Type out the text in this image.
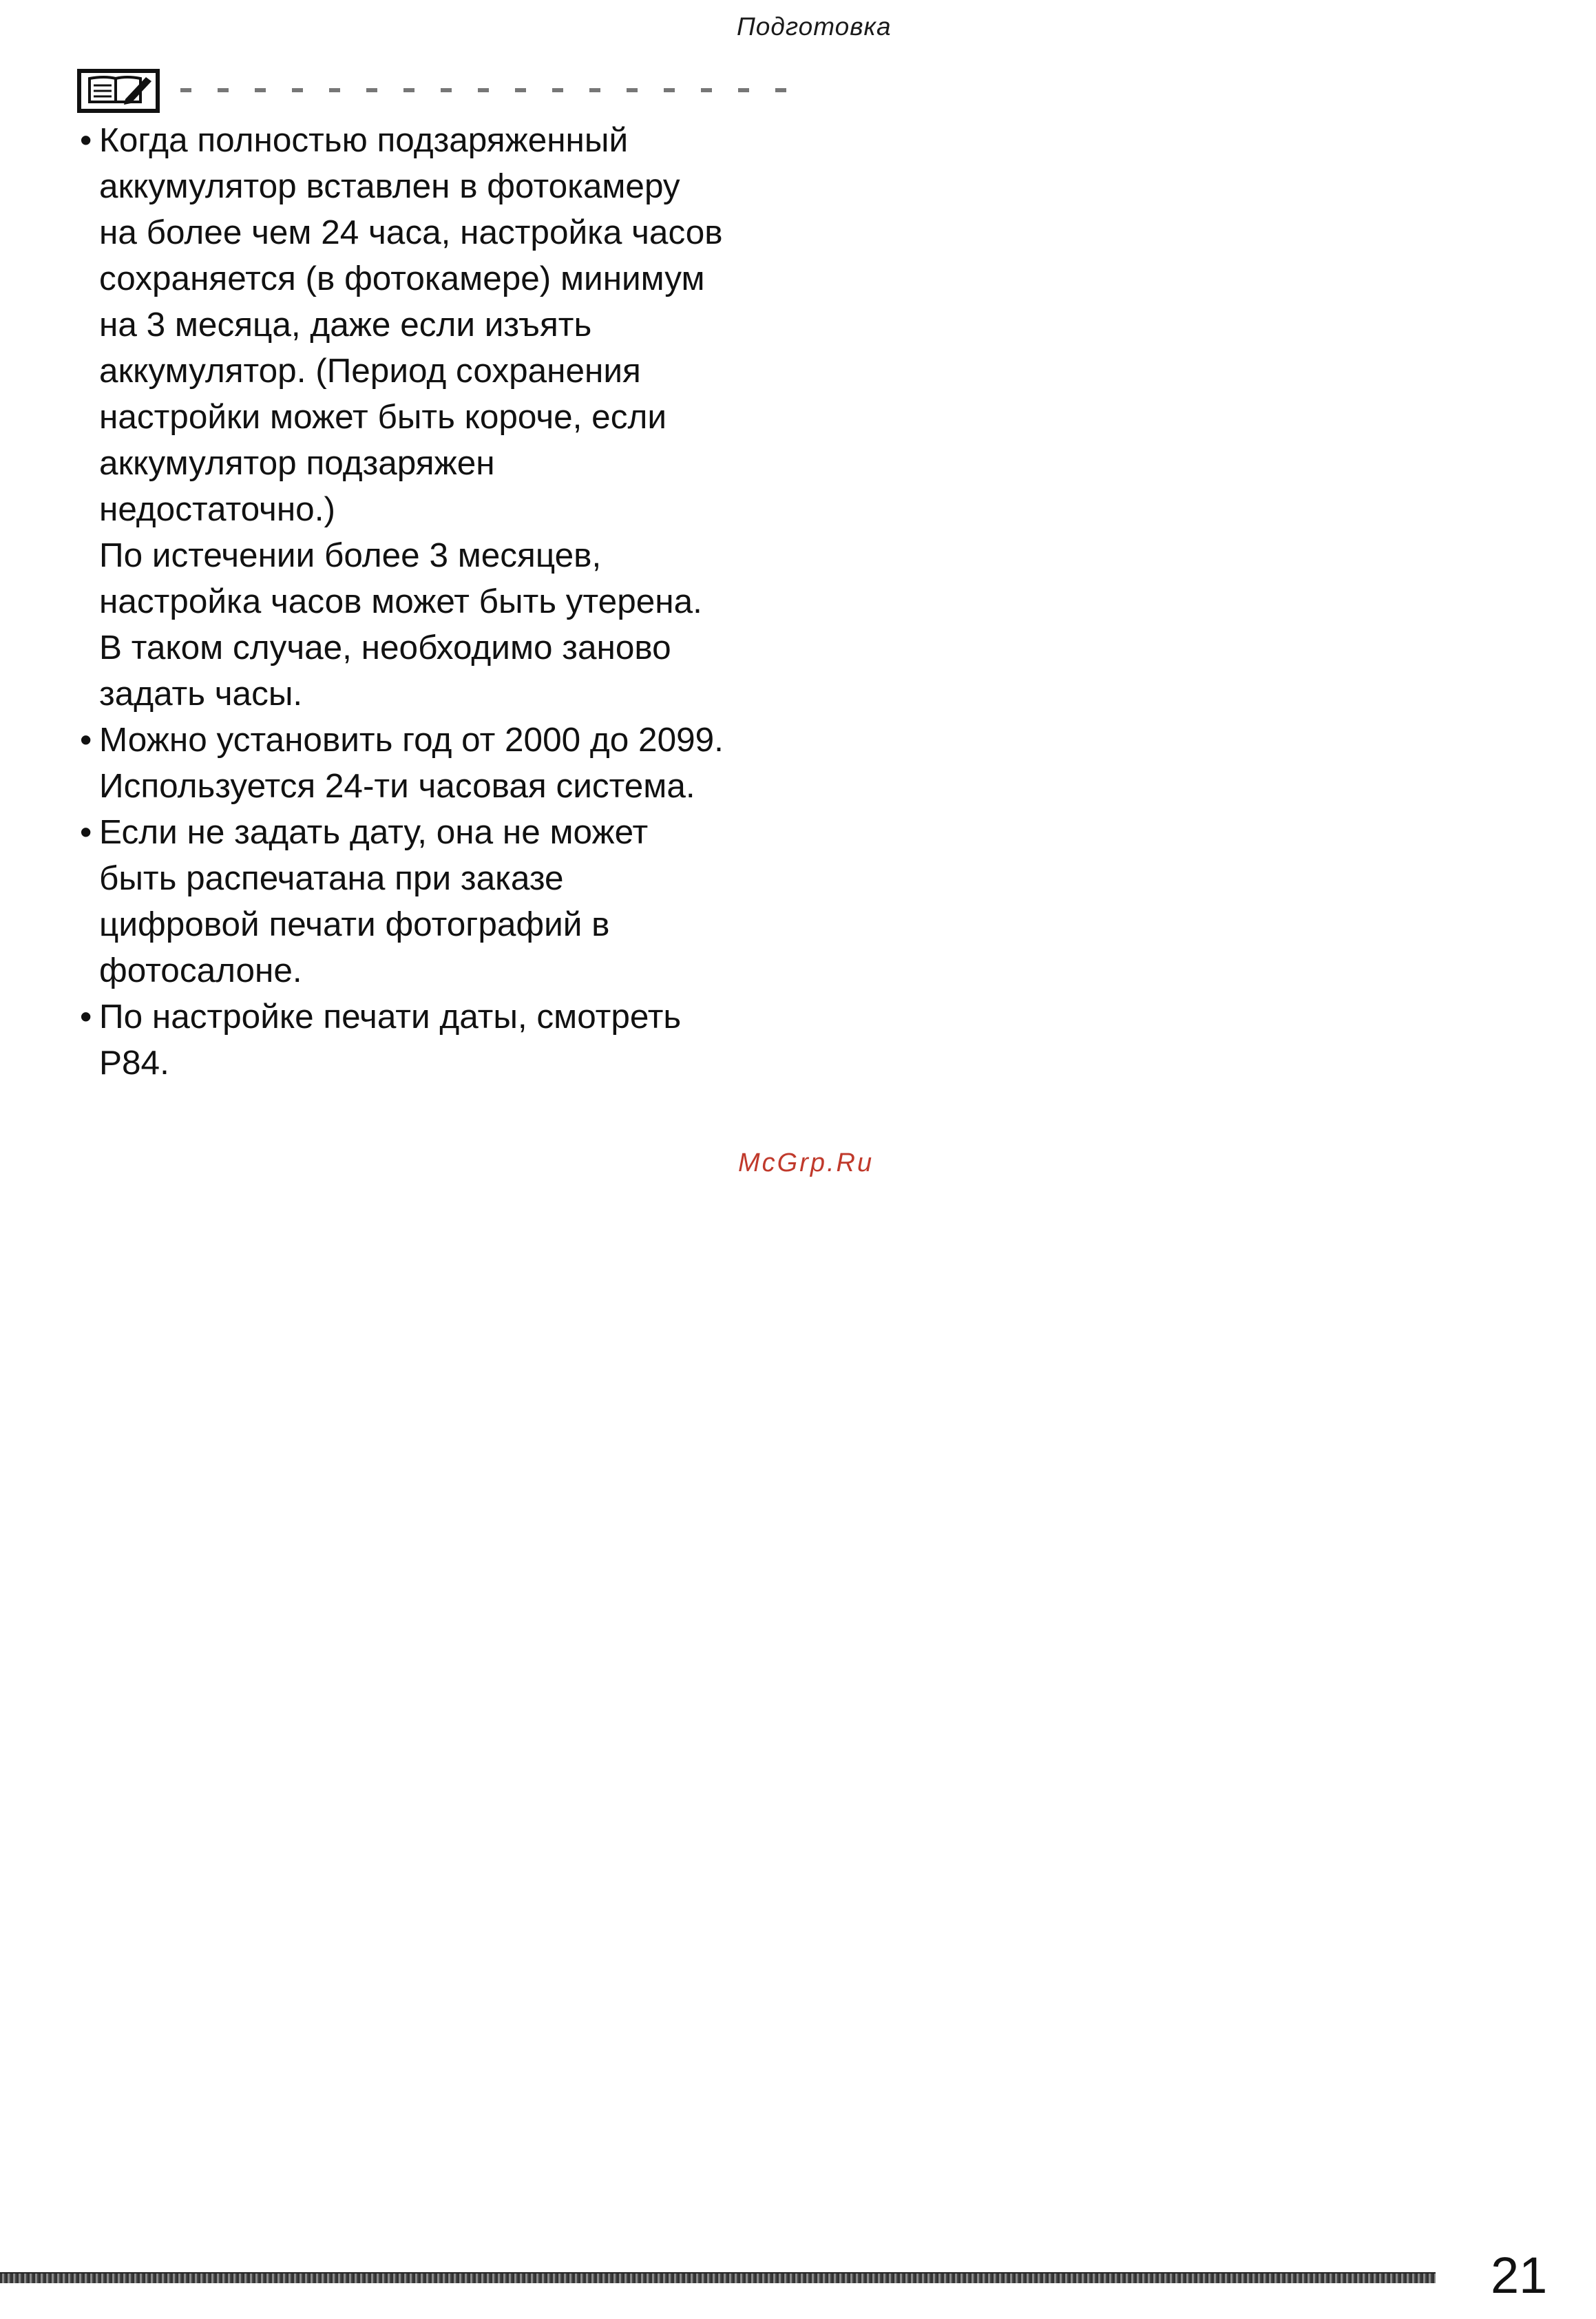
Подготовка
• Когда полностью подзаряженный
аккумулятор вставлен в фотокамеру
на более чем 24 часа, настройка часов
сохраняется (в фотокамере) минимум
на 3 месяца, даже если изъять
аккумулятор. (Период сохранения
настройки может быть короче, если
аккумулятор подзаряжен
недостаточно.)
По истечении более 3 месяцев,
настройка часов может быть утерена.
В таком случае, необходимо заново
задать часы.
• Можно установить год от 2000 до 2099.
Используется 24-ти часовая система.
• Если не задать дату, она не может
быть распечатана при заказе
цифровой печати фотографий в
фотосалоне.
• По настройке печати даты, смотреть
P84.
McGrp.Ru
21
